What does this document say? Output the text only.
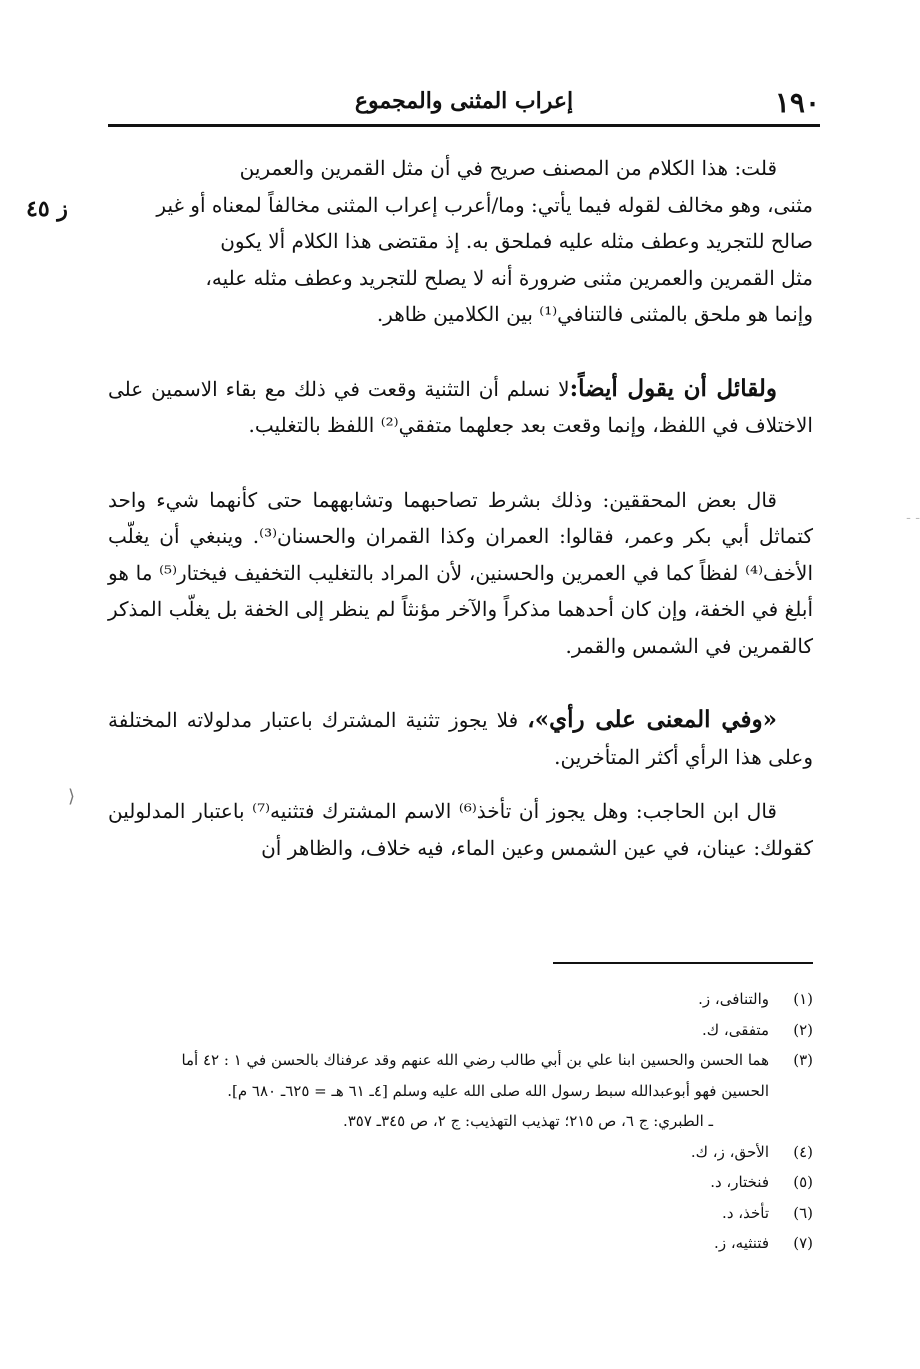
١٩٠
إعراب المثنى والمجموع
ز ٤٥
⟩
- -

قلت: هذا الكلام من المصنف صريح في أن مثل القمرين والعمرين
مثنى، وهو مخالف لقوله فيما يأتي: وما/أعرب إعراب المثنى مخالفاً لمعناه أو غير
صالح للتجريد وعطف مثله عليه فملحق به. إذ مقتضى هذا الكلام ألا يكون
مثل القمرين والعمرين مثنى ضرورة أنه لا يصلح للتجريد وعطف مثله عليه،
وإنما هو ملحق بالمثنى فالتنافي⁽¹⁾ بين الكلامين ظاهر.

ولقائل أن يقول أيضاً:لا نسلم أن التثنية وقعت في ذلك مع بقاء الاسمين على الاختلاف في اللفظ، وإنما وقعت بعد جعلهما متفقي⁽²⁾ اللفظ بالتغليب.

قال بعض المحققين: وذلك بشرط تصاحبهما وتشابههما حتى كأنهما شيء واحد كتماثل أبي بكر وعمر، فقالوا: العمران وكذا القمران والحسنان⁽³⁾. وينبغي أن يغلّب الأخف⁽⁴⁾ لفظاً كما في العمرين والحسنين، لأن المراد بالتغليب التخفيف فيختار⁽⁵⁾ ما هو أبلغ في الخفة، وإن كان أحدهما مذكراً والآخر مؤنثاً لم ينظر إلى الخفة بل يغلّب المذكر كالقمرين في الشمس والقمر.

«وفي المعنى على رأي»، فلا يجوز تثنية المشترك باعتبار مدلولاته المختلفة وعلى هذا الرأي أكثر المتأخرين.

قال ابن الحاجب: وهل يجوز أن تأخذ⁽⁶⁾ الاسم المشترك فتثنيه⁽⁷⁾ باعتبار المدلولين كقولك: عينان، في عين الشمس وعين الماء، فيه خلاف، والظاهر أن

(١)
والتنافى، ز.
(٢)
متفقى، ك.
(٣)
هما الحسن والحسين ابنا علي بن أبي طالب رضي الله عنهم وقد عرفناك بالحسن في ١ : ٤٢ أما
الحسين فهو أبوعبدالله سبط رسول الله صلى الله عليه وسلم [٤ـ ٦١ هـ = ٦٢٥ـ ٦٨٠ م].
ـ الطبري: ج ٦، ص ٢١٥؛ تهذيب التهذيب: ج ٢، ص ٣٤٥ـ ٣٥٧.
(٤)
الأحق، ز، ك.
(٥)
فنختار، د.
(٦)
تأخذ، د.
(٧)
فتنثيه، ز.
